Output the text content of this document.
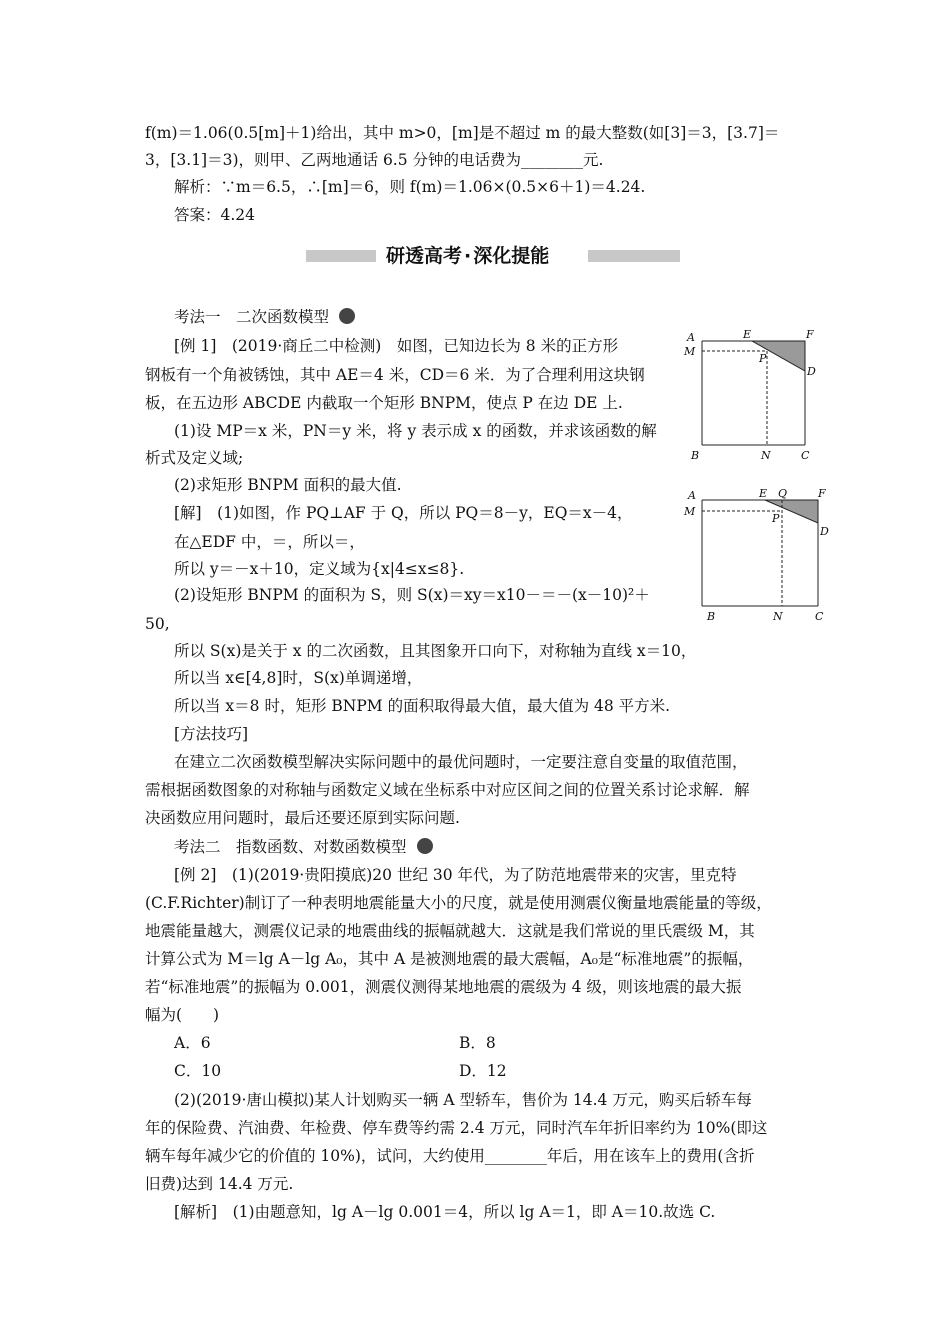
f(m)＝1.06(0.5[m]＋1)给出，其中 m>0，[m]是不超过 m 的最大整数(如[3]＝3，[3.7]＝
3，[3.1]＝3)，则甲、乙两地通话 6.5 分钟的电话费为________元.
解析：∵m＝6.5，∴[m]＝6，则 f(m)＝1.06×(0.5×6＋1)＝4.24.
答案：4.24
研透高考 · 深化提能
考法一　二次函数模型
[例 1]　(2019·商丘二中检测)　如图，已知边长为 8 米的正方形
钢板有一个角被锈蚀，其中 AE＝4 米，CD＝6 米．为了合理利用这块钢
板，在五边形 ABCDE 内截取一个矩形 BNPM，使点 P 在边 DE 上.
(1)设 MP＝x 米，PN＝y 米，将 y 表示成 x 的函数，并求该函数的解
析式及定义域;
(2)求矩形 BNPM 面积的最大值.
[解]　(1)如图，作 PQ⊥AF 于 Q，所以 PQ＝8－y，EQ＝x－4，
在△EDF 中，＝，所以＝，
所以 y＝－x＋10，定义域为{x|4≤x≤8}.
(2)设矩形 BNPM 的面积为 S，则 S(x)＝xy＝x10－＝－(x－10)²＋
50,
所以 S(x)是关于 x 的二次函数，且其图象开口向下，对称轴为直线 x＝10，
所以当 x∈[4,8]时，S(x)单调递增，
所以当 x＝8 时，矩形 BNPM 的面积取得最大值，最大值为 48 平方米.
[方法技巧]
在建立二次函数模型解决实际问题中的最优问题时，一定要注意自变量的取值范围，
需根据函数图象的对称轴与函数定义域在坐标系中对应区间之间的位置关系讨论求解．解
决函数应用问题时，最后还要还原到实际问题.
考法二　指数函数、对数函数模型
[例 2]　(1)(2019·贵阳摸底)20 世纪 30 年代，为了防范地震带来的灾害，里克特
(C.F.Richter)制订了一种表明地震能量大小的尺度，就是使用测震仪衡量地震能量的等级，
地震能量越大，测震仪记录的地震曲线的振幅就越大．这就是我们常说的里氏震级 M，其
计算公式为 M＝lg A－lg A₀，其中 A 是被测地震的最大震幅，A₀是“标准地震”的振幅，
若“标准地震”的振幅为 0.001，测震仪测得某地地震的震级为 4 级，则该地震的最大振
幅为(　　)
A．6	B．8
C．10	D．12
(2)(2019·唐山模拟)某人计划购买一辆 A 型轿车，售价为 14.4 万元，购买后轿车每
年的保险费、汽油费、年检费、停车费等约需 2.4 万元，同时汽车年折旧率约为 10%(即这
辆车每年减少它的价值的 10%)，试问，大约使用________年后，用在该车上的费用(含折
旧费)达到 14.4 万元.
[解析]　(1)由题意知，lg A－lg 0.001＝4，所以 lg A＝1，即 A＝10.故选 C.
A	E	F
M
P
D
B	N	C
A	E Q	F
M
P
D
B	N	C
